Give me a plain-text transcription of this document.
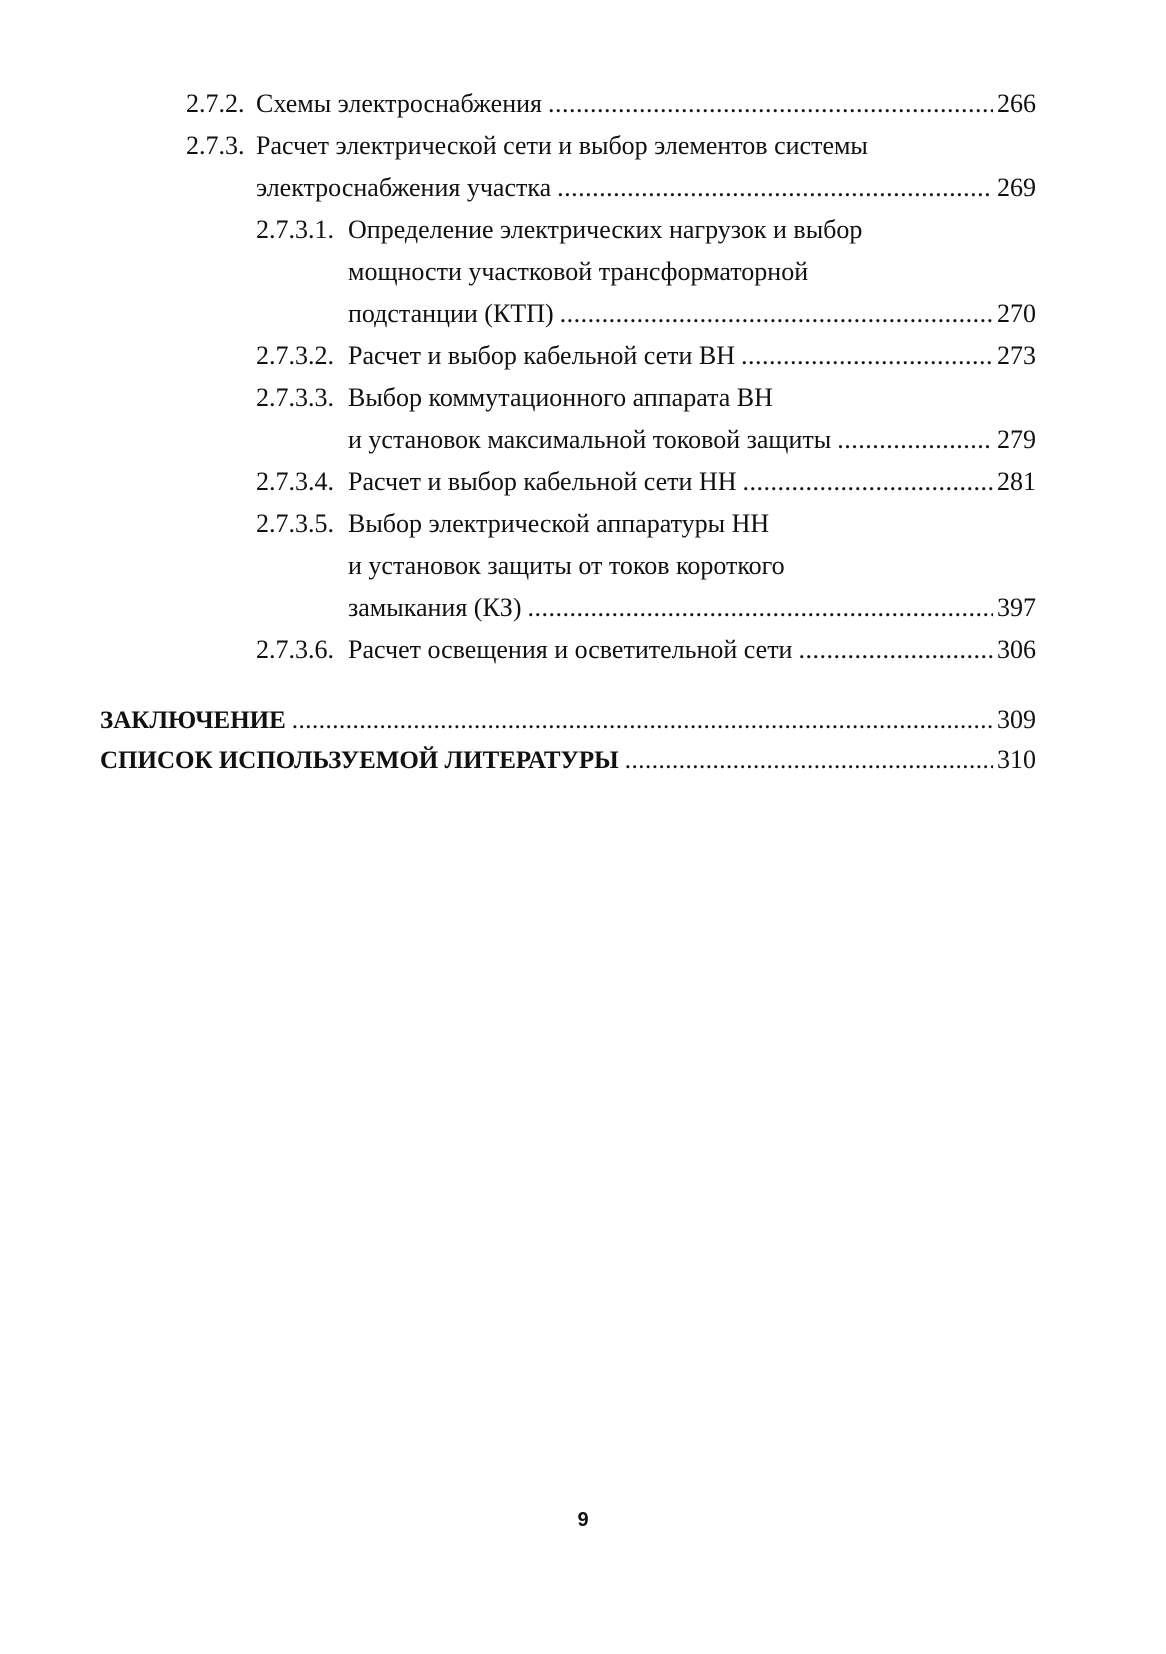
2.7.2. Схемы электроснабжения .....	266
2.7.3. Расчет электрической сети и выбор элементов системы
электроснабжения участка .....	269
2.7.3.1. Определение электрических нагрузок и выбор
мощности участковой трансформаторной
подстанции (КТП) .....	270
2.7.3.2. Расчет и выбор кабельной сети ВН .....	273
2.7.3.3. Выбор коммутационного аппарата ВН
и установок максимальной токовой защиты .....	279
2.7.3.4. Расчет и выбор кабельной сети НН .....	281
2.7.3.5. Выбор электрической аппаратуры НН
и установок защиты от токов короткого
замыкания (КЗ) .....	397
2.7.3.6. Расчет освещения и осветительной сети .....	306
ЗАКЛЮЧЕНИЕ .....	309
СПИСОК ИСПОЛЬЗУЕМОЙ ЛИТЕРАТУРЫ .....	310
9
